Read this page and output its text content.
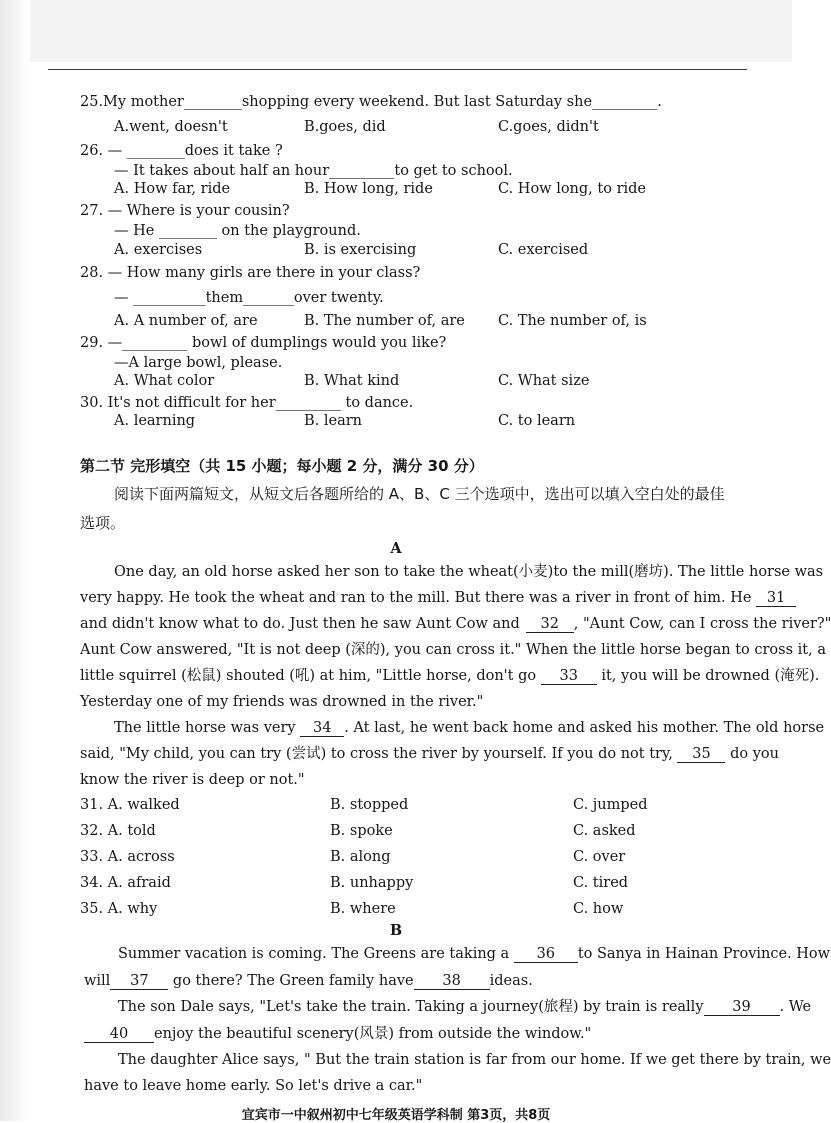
25.My mother________shopping every weekend. But last Saturday she_________.
A.went, doesn't	B.goes, did	C.goes, didn't
26. — ________does it take ?
— It takes about half an hour_________to get to school.
A. How far, ride	B. How long, ride	C. How long, to ride
27. — Where is your cousin?
— He ________ on the playground.
A. exercises	B. is exercising	C. exercised
28. — How many girls are there in your class?
— __________them_______over twenty.
A. A number of, are	B. The number of, are C. The number of, is
29. —_________ bowl of dumplings would you like?
—A large bowl, please.
A. What color	B. What kind	C. What size
30. It's not difficult for her_________ to dance.
A. learning	B. learn	C. to learn
第二节 完形填空（共 15 小题；每小题 2 分，满分 30 分）
阅读下面两篇短文，从短文后各题所给的 A、B、C 三个选项中，选出可以填入空白处的最佳
选项。
A
One day, an old horse asked her son to take the wheat(小麦)to the mill(磨坊). The little horse was
very happy. He took the wheat and ran to the mill. But there was a river in front of him. He 31
and didn't know what to do. Just then he saw Aunt Cow and 32 , "Aunt Cow, can I cross the river?"
Aunt Cow answered, "It is not deep (深的), you can cross it." When the little horse began to cross it, a
little squirrel (松鼠) shouted (吼) at him, "Little horse, don't go 33 it, you will be drowned (淹死).
Yesterday one of my friends was drowned in the river."
The little horse was very 34 . At last, he went back home and asked his mother. The old horse
said, "My child, you can try (尝试) to cross the river by yourself. If you do not try, 35 do you
know the river is deep or not."
31. A. walked	B. stopped	C. jumped
32. A. told	B. spoke	C. asked
33. A. across	B. along	C. over
34. A. afraid	B. unhappy	C. tired
35. A. why	B. where	C. how
B
Summer vacation is coming. The Greens are taking a 36 to Sanya in Hainan Province. How
will 37 go there? The Green family have 38 ideas.
The son Dale says, "Let's take the train. Taking a journey(旅程) by train is really 39 . We
40 enjoy the beautiful scenery(风景) from outside the window."
The daughter Alice says, " But the train station is far from our home. If we get there by train, we
have to leave home early. So let's drive a car."
宜宾市一中叙州初中七年级英语学科制 第3页，共8页
